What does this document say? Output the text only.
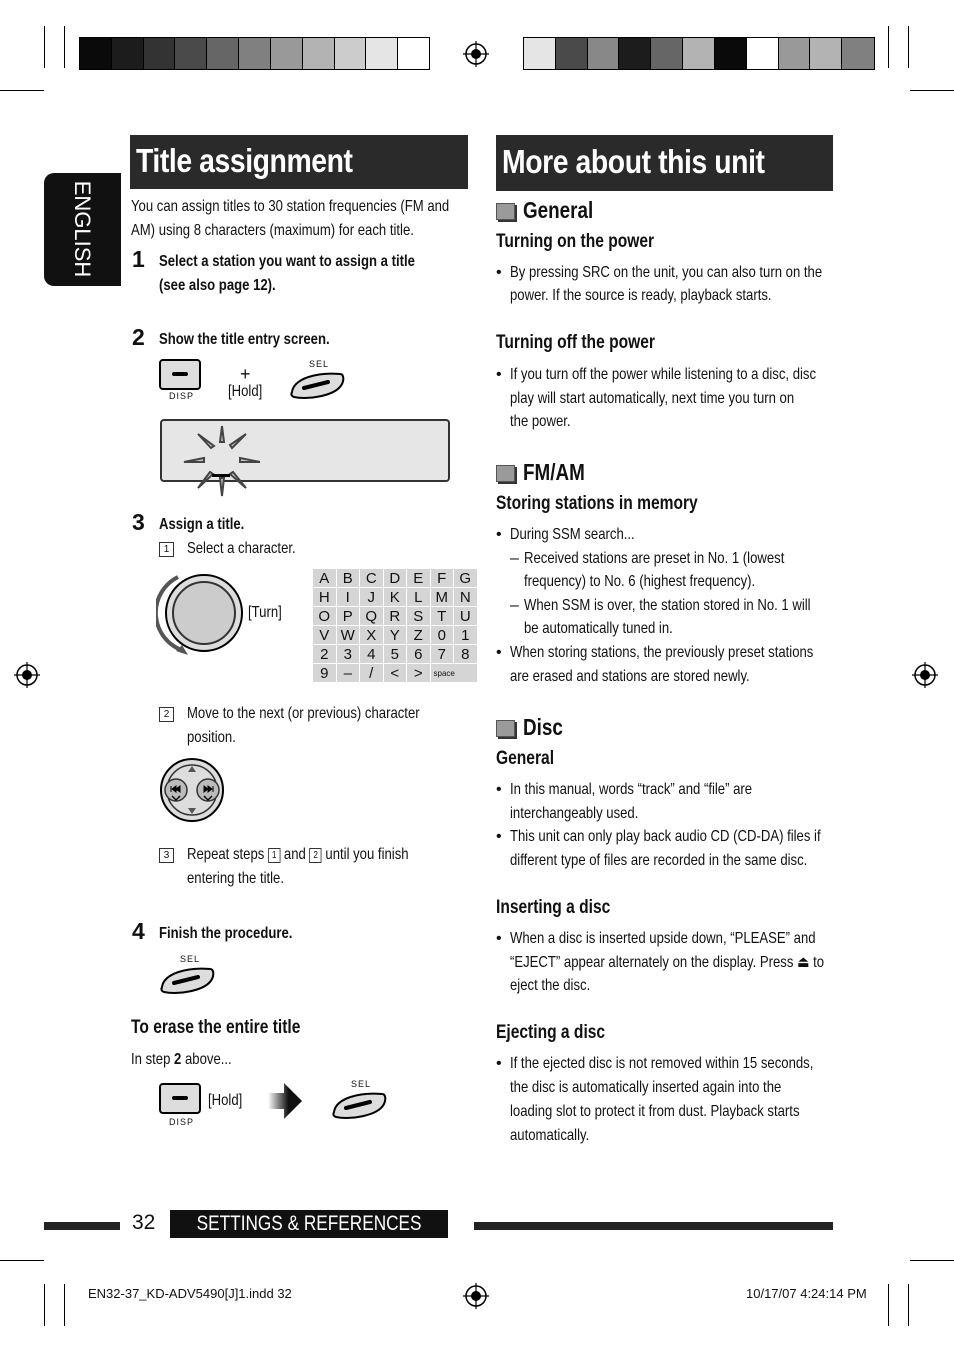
ENGLISH
Title assignment
You can assign titles to 30 station frequencies (FM and
AM) using 8 characters (maximum) for each title.
1 Select a station you want to assign a title
(see also page 12).
2 Show the title entry screen.
DISP
+
[Hold]
SEL
3 Assign a title.
1 Select a character.
[Turn]
A	B	C	D	E	F	G
H	I	J	K	L	M	N
O	P	Q	R	S	T	U
V	W	X	Y	Z	0	1
2	3	4	5	6	7	8
9	–	/	<	>	space	
2 Move to the next (or previous) character
position.
3 Repeat steps 1 and 2 until you finish
entering the title.
4 Finish the procedure.
SEL
To erase the entire title
In step 2 above...
DISP
[Hold]
SEL
More about this unit
General
Turning on the power
• By pressing SRC on the unit, you can also turn on the
power. If the source is ready, playback starts.
Turning off the power
• If you turn off the power while listening to a disc, disc
play will start automatically, next time you turn on
the power.
FM/AM
Storing stations in memory
• During SSM search...
– Received stations are preset in No. 1 (lowest
frequency) to No. 6 (highest frequency).
– When SSM is over, the station stored in No. 1 will
be automatically tuned in.
• When storing stations, the previously preset stations
are erased and stations are stored newly.
Disc
General
• In this manual, words “track” and “file” are
interchangeably used.
• This unit can only play back audio CD (CD-DA) files if
different type of files are recorded in the same disc.
Inserting a disc
• When a disc is inserted upside down, “PLEASE” and
“EJECT” appear alternately on the display. Press ⏏ to
eject the disc.
Ejecting a disc
• If the ejected disc is not removed within 15 seconds,
the disc is automatically inserted again into the
loading slot to protect it from dust. Playback starts
automatically.
32	SETTINGS & REFERENCES
EN32-37_KD-ADV5490[J]1.indd 32	10/17/07 4:24:14 PM
